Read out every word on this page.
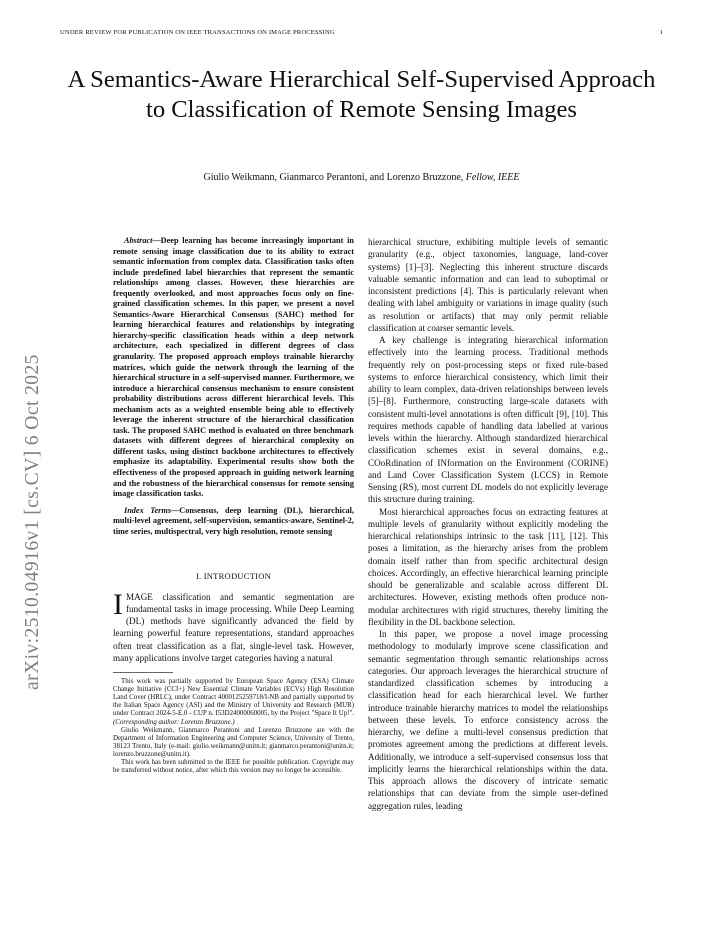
UNDER REVIEW FOR PUBLICATION ON IEEE TRANSACTIONS ON IMAGE PROCESSING	1
A Semantics-Aware Hierarchical Self-Supervised Approach to Classification of Remote Sensing Images
Giulio Weikmann, Gianmarco Perantoni, and Lorenzo Bruzzone, Fellow, IEEE
arXiv:2510.04916v1 [cs.CV] 6 Oct 2025

Abstract—Deep learning has become increasingly important in remote sensing image classification due to its ability to extract semantic information from complex data. Classification tasks often include predefined label hierarchies that represent the semantic relationships among classes. However, these hierarchies are frequently overlooked, and most approaches focus only on fine-grained classification schemes. In this paper, we present a novel Semantics-Aware Hierarchical Consensus (SAHC) method for learning hierarchical features and relationships by integrating hierarchy-specific classification heads within a deep network architecture, each specialized in different degrees of class granularity. The proposed approach employs trainable hierarchy matrices, which guide the network through the learning of the hierarchical structure in a self-supervised manner. Furthermore, we introduce a hierarchical consensus mechanism to ensure consistent probability distributions across different hierarchical levels. This mechanism acts as a weighted ensemble being able to effectively leverage the inherent structure of the hierarchical classification task. The proposed SAHC method is evaluated on three benchmark datasets with different degrees of hierarchical complexity on different tasks, using distinct backbone architectures to effectively emphasize its adaptability. Experimental results show both the effectiveness of the proposed approach in guiding network learning and the robustness of the hierarchical consensus for remote sensing image classification tasks.

Index Terms—Consensus, deep learning (DL), hierarchical, multi-level agreement, self-supervision, semantics-aware, Sentinel-2, time series, multispectral, very high resolution, remote sensing

I. INTRODUCTION

IMAGE classification and semantic segmentation are fundamental tasks in image processing. While Deep Learning (DL) methods have significantly advanced the field by learning powerful feature representations, standard approaches often treat classification as a flat, single-level task. However, many applications involve target categories having a natural

This work was partially supported by European Space Agency (ESA) Climate Change Initiative (CCI+) New Essential Climate Variables (ECVs) High Resolution Land Cover (HRLC), under Contract 4000125259718/I-NB and partially supported by the Italian Space Agency (ASI) and the Ministry of University and Research (MUR) under Contract 2024-5-E.0 - CUP n. I53D24000060005, by the Project "Space It Up!". (Corresponding author: Lorenzo Bruzzone.)

Giulio Weikmann, Gianmarco Perantoni and Lorenzo Bruzzone are with the Department of Information Engineering and Computer Science, University of Trento, 38123 Trento, Italy (e-mail: giulio.weikmann@unitn.it; gianmarco.perantoni@unitn.it; lorenzo.bruzzone@unitn.it).

This work has been submitted to the IEEE for possible publication. Copyright may be transferred without notice, after which this version may no longer be accessible.

hierarchical structure, exhibiting multiple levels of semantic granularity (e.g., object taxonomies, language, land-cover systems) [1]–[3]. Neglecting this inherent structure discards valuable semantic information and can lead to suboptimal or inconsistent predictions [4]. This is particularly relevant when dealing with label ambiguity or variations in image quality (such as resolution or artifacts) that may only permit reliable classification at coarser semantic levels.

A key challenge is integrating hierarchical information effectively into the learning process. Traditional methods frequently rely on post-processing steps or fixed rule-based systems to enforce hierarchical consistency, which limit their ability to learn complex, data-driven relationships between levels [5]–[8]. Furthermore, constructing large-scale datasets with consistent multi-level annotations is often difficult [9], [10]. This requires methods capable of handling data labelled at various levels within the hierarchy. Although standardized hierarchical classification schemes exist in several domains, e.g., COoRdination of INformation on the Environment (CORINE) and Land Cover Classification System (LCCS) in Remote Sensing (RS), most current DL models do not explicitly leverage this structure during training.

Most hierarchical approaches focus on extracting features at multiple levels of granularity without explicitly modeling the hierarchical relationships intrinsic to the task [11], [12]. This poses a limitation, as the hierarchy arises from the problem domain itself rather than from specific architectural design choices. Accordingly, an effective hierarchical learning principle should be generalizable and scalable across different DL architectures. However, existing methods often produce non-modular architectures with rigid structures, thereby limiting the flexibility in the DL backbone selection.

In this paper, we propose a novel image processing methodology to modularly improve scene classification and semantic segmentation through semantic relationships across categories. Our approach leverages the hierarchical structure of standardized classification schemes by introducing a classification head for each hierarchical level. We further introduce trainable hierarchy matrices to model the relationships between these levels. To enforce consistency across the hierarchy, we define a multi-level consensus prediction that promotes agreement among the predictions at different levels. Additionally, we introduce a self-supervised consensus loss that implicitly learns the hierarchical relationships within the data. This approach allows the discovery of intricate sematic relationships that can deviate from the simple user-defined aggregation rules, leading
